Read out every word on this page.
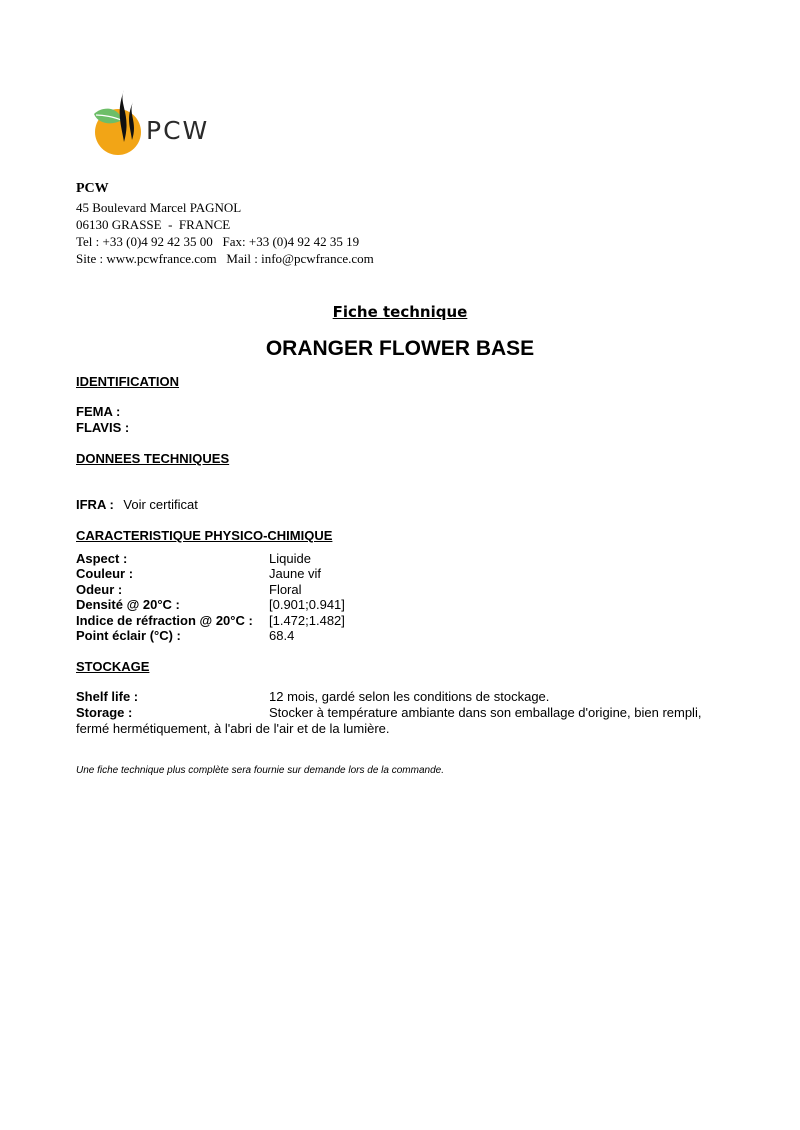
PCW
PCW
45 Boulevard Marcel PAGNOL
06130 GRASSE  -  FRANCE
Tel : +33 (0)4 92 42 35 00   Fax: +33 (0)4 92 42 35 19
Site : www.pcwfrance.com   Mail : info@pcwfrance.com
Fiche technique
ORANGER FLOWER BASE
IDENTIFICATION
FEMA :
FLAVIS :
DONNEES TECHNIQUES
IFRA : Voir certificat
CARACTERISTIQUE PHYSICO-CHIMIQUE
Aspect :	Liquide
Couleur :	Jaune vif
Odeur :	Floral
Densité @ 20°C :	[0.901;0.941]
Indice de réfraction @ 20°C : [1.472;1.482]
Point éclair (°C) :	68.4
STOCKAGE
Shelf life :	12 mois, gardé selon les conditions de stockage.
Storage :	Stocker à température ambiante dans son emballage d'origine, bien rempli,
fermé hermétiquement, à l'abri de l'air et de la lumière.
Une fiche technique plus complète sera fournie sur demande lors de la commande.
